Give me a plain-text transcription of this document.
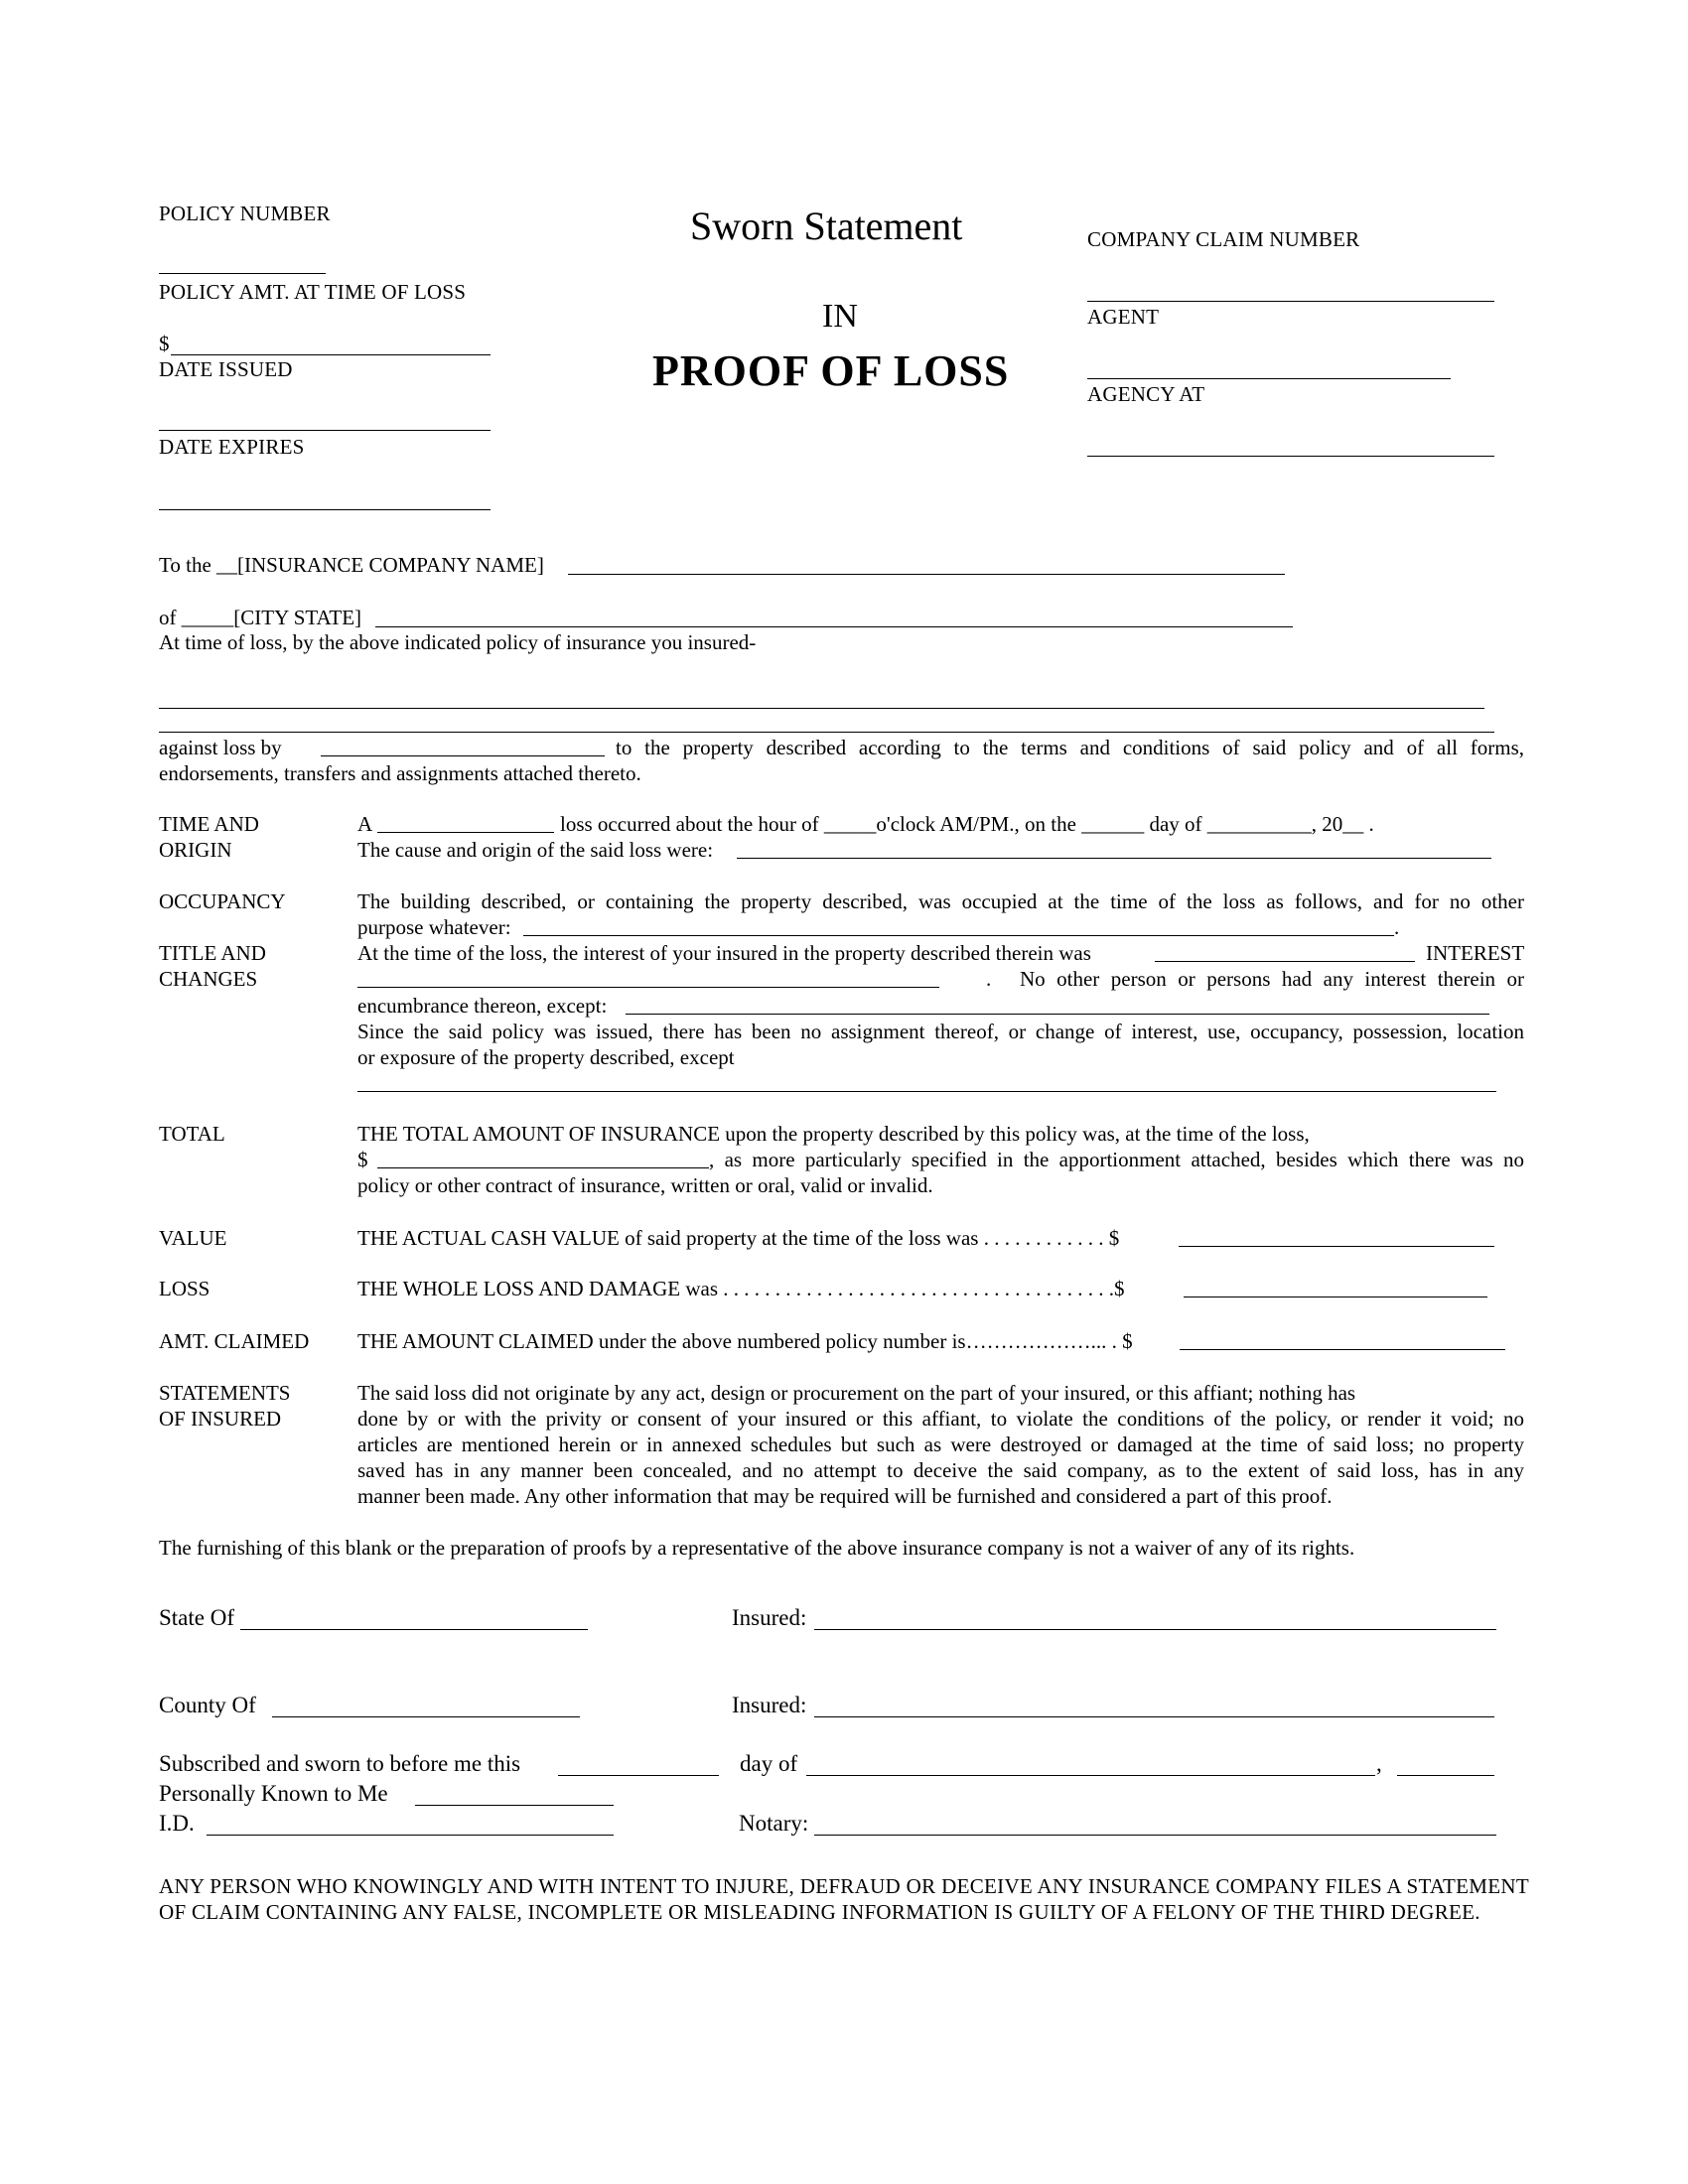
POLICY NUMBER
POLICY AMT. AT TIME OF LOSS
$
DATE ISSUED
DATE EXPIRES
Sworn Statement
IN
PROOF OF LOSS
COMPANY CLAIM NUMBER
AGENT
AGENCY AT
To the __[INSURANCE COMPANY NAME]
of _____[CITY STATE]
At time of loss, by the above indicated policy of insurance you insured-
against loss by	to the property described according to the terms and conditions of said policy and of all forms,
endorsements, transfers and assignments attached thereto.
TIME AND
ORIGIN
A	loss occurred about the hour of _____o'clock AM/PM., on the ______ day of __________, 20__ .
The cause and origin of the said loss were:
OCCUPANCY	The building described, or containing the property described, was occupied at the time of the loss as follows, and for no other
purpose whatever:	.
TITLE AND
CHANGES
At the time of the loss, the interest of your insured in the property described therein was	INTEREST
. No other person or persons had any interest therein or
encumbrance thereon, except:
Since the said policy was issued, there has been no assignment thereof, or change of interest, use, occupancy, possession, location
or exposure of the property described, except
TOTAL	THE TOTAL AMOUNT OF INSURANCE upon the property described by this policy was, at the time of the loss,
$	, as more particularly specified in the apportionment attached, besides which there was no
policy or other contract of insurance, written or oral, valid or invalid.
VALUE	THE ACTUAL CASH VALUE of said property at the time of the loss was . . . . . . . . . . . . $
LOSS	THE WHOLE LOSS AND DAMAGE was . . . . . . . . . . . . . . . . . . . . . . . . . . . . . . . . . . . . . .$
AMT. CLAIMED THE AMOUNT CLAIMED under the above numbered policy number is………………... . $
STATEMENTS
OF INSURED
The said loss did not originate by any act, design or procurement on the part of your insured, or this affiant; nothing has
done by or with the privity or consent of your insured or this affiant, to violate the conditions of the policy, or render it void; no
articles are mentioned herein or in annexed schedules but such as were destroyed or damaged at the time of said loss; no property
saved has in any manner been concealed, and no attempt to deceive the said company, as to the extent of said loss, has in any
manner been made. Any other information that may be required will be furnished and considered a part of this proof.
The furnishing of this blank or the preparation of proofs by a representative of the above insurance company is not a waiver of any of its rights.
State Of	Insured:
County Of	Insured:
Subscribed and sworn to before me this	day of	,
Personally Known to Me
I.D.	Notary:
ANY PERSON WHO KNOWINGLY AND WITH INTENT TO INJURE, DEFRAUD OR DECEIVE ANY INSURANCE COMPANY FILES A STATEMENT OF CLAIM CONTAINING ANY FALSE, INCOMPLETE OR MISLEADING INFORMATION IS GUILTY OF A FELONY OF THE THIRD DEGREE.
